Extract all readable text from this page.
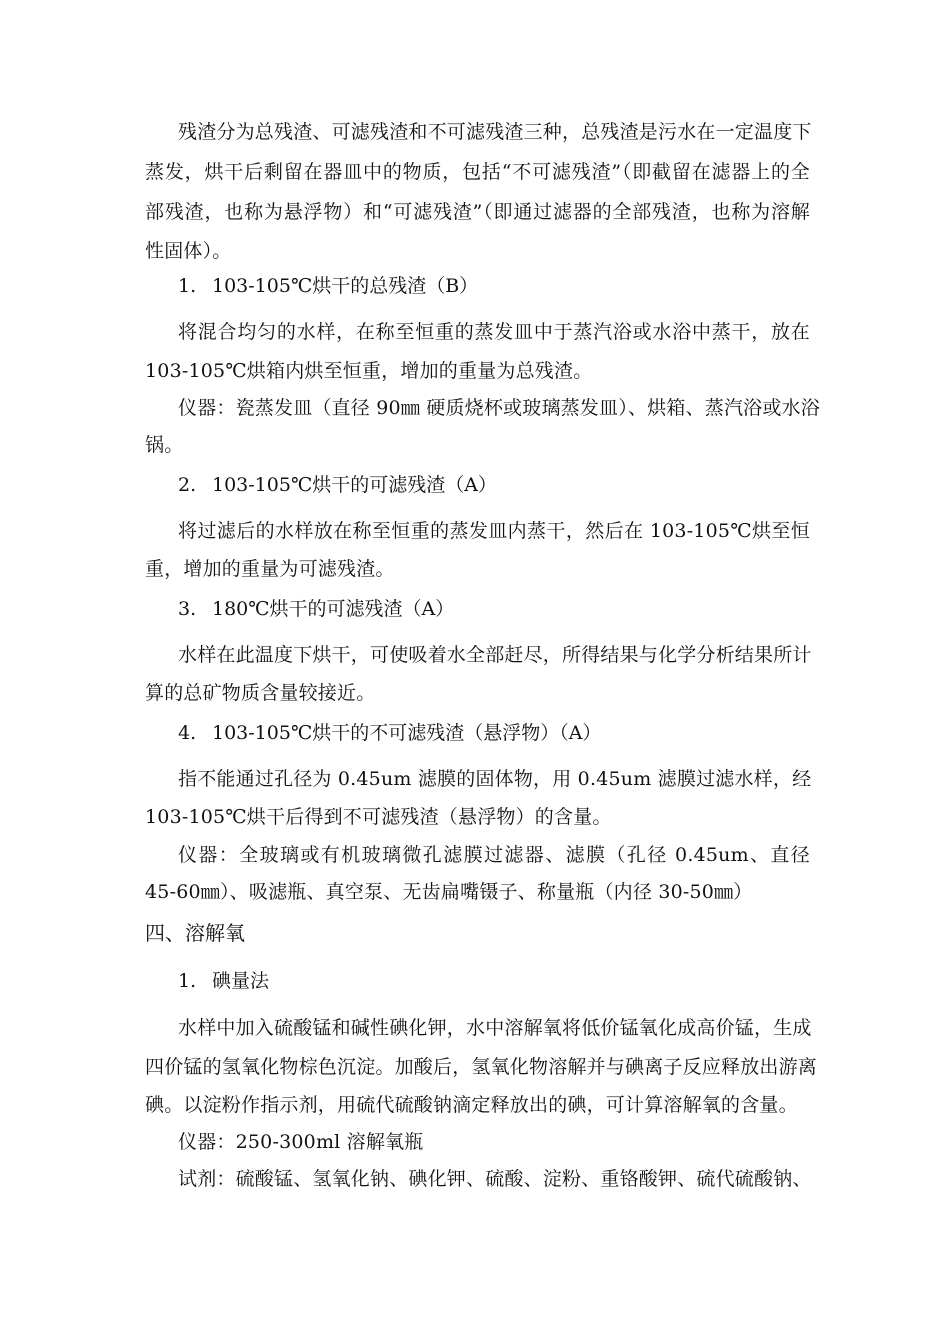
残渣分为总残渣、可滤残渣和不可滤残渣三种，总残渣是污水在一定温度下
蒸发，烘干后剩留在器皿中的物质，包括“不可滤残渣”（即截留在滤器上的全
部残渣，也称为悬浮物）和“可滤残渣”（即通过滤器的全部残渣，也称为溶解
性固体）。
1. 103-105℃烘干的总残渣（B）
将混合均匀的水样，在称至恒重的蒸发皿中于蒸汽浴或水浴中蒸干，放在
103-105℃烘箱内烘至恒重，增加的重量为总残渣。
仪器：瓷蒸发皿（直径 90㎜ 硬质烧杯或玻璃蒸发皿）、烘箱、蒸汽浴或水浴
锅。
2. 103-105℃烘干的可滤残渣（A）
将过滤后的水样放在称至恒重的蒸发皿内蒸干，然后在 103-105℃烘至恒
重，增加的重量为可滤残渣。
3. 180℃烘干的可滤残渣（A）
水样在此温度下烘干，可使吸着水全部赶尽，所得结果与化学分析结果所计
算的总矿物质含量较接近。
4. 103-105℃烘干的不可滤残渣（悬浮物）（A）
指不能通过孔径为 0.45um 滤膜的固体物，用 0.45um 滤膜过滤水样，经
103-105℃烘干后得到不可滤残渣（悬浮物）的含量。
仪器：全玻璃或有机玻璃微孔滤膜过滤器、滤膜（孔径 0.45um、直径
45-60㎜）、吸滤瓶、真空泵、无齿扁嘴镊子、称量瓶（内径 30-50㎜）
四、溶解氧
1. 碘量法
水样中加入硫酸锰和碱性碘化钾，水中溶解氧将低价锰氧化成高价锰，生成
四价锰的氢氧化物棕色沉淀。加酸后，氢氧化物溶解并与碘离子反应释放出游离
碘。以淀粉作指示剂，用硫代硫酸钠滴定释放出的碘，可计算溶解氧的含量。
仪器：250-300ml 溶解氧瓶
试剂：硫酸锰、氢氧化钠、碘化钾、硫酸、淀粉、重铬酸钾、硫代硫酸钠、
